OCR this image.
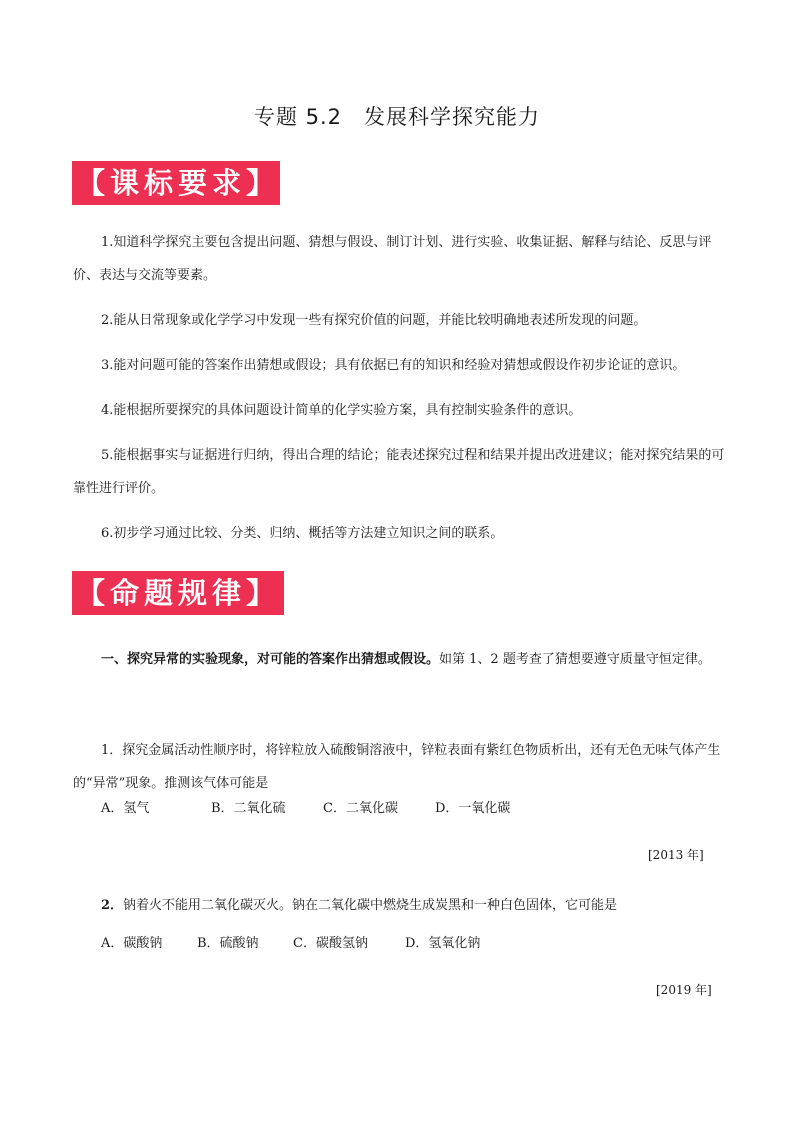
专题 5.2　发展科学探究能力
【课标要求】

1.知道科学探究主要包含提出问题、猜想与假设、制订计划、进行实验、收集证据、解释与结论、反思与评价、表达与交流等要素。

2.能从日常现象或化学学习中发现一些有探究价值的问题，并能比较明确地表述所发现的问题。

3.能对问题可能的答案作出猜想或假设；具有依据已有的知识和经验对猜想或假设作初步论证的意识。

4.能根据所要探究的具体问题设计简单的化学实验方案，具有控制实验条件的意识。

5.能根据事实与证据进行归纳，得出合理的结论；能表述探究过程和结果并提出改进建议；能对探究结果的可靠性进行评价。

6.初步学习通过比较、分类、归纳、概括等方法建立知识之间的联系。

【命题规律】

一、探究异常的实验现象，对可能的答案作出猜想或假设。如第 1、2 题考查了猜想要遵守质量守恒定律。

1．探究金属活动性顺序时，将锌粒放入硫酸铜溶液中，锌粒表面有紫红色物质析出，还有无色无味气体产生的“异常”现象。推测该气体可能是

A．氢气	B．二氧化硫	C．二氧化碳	D．一氧化碳
[2013 年]

2．钠着火不能用二氧化碳灭火。钠在二氧化碳中燃烧生成炭黑和一种白色固体，它可能是

A．碳酸钠	B．硫酸钠	C．碳酸氢钠	D．氢氧化钠
[2019 年]
